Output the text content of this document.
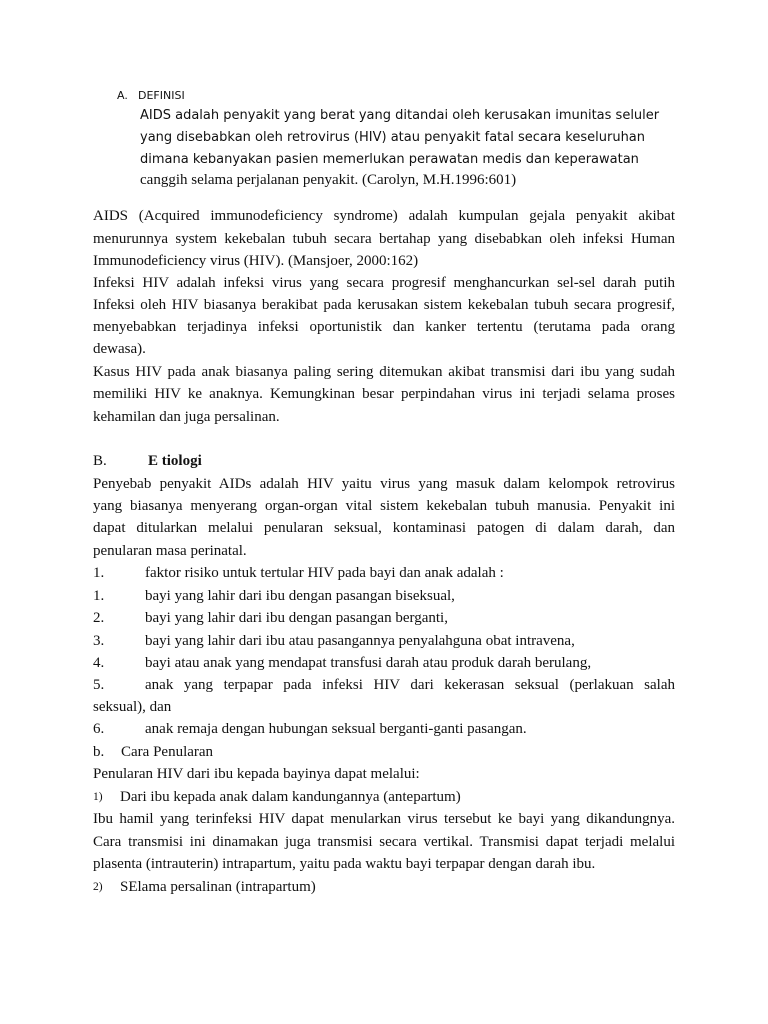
A. DEFINISI
AIDS adalah penyakit yang berat yang ditandai oleh kerusakan imunitas seluler
yang disebabkan oleh retrovirus (HIV) atau penyakit fatal secara keseluruhan
dimana kebanyakan pasien memerlukan perawatan medis dan keperawatan
canggih selama perjalanan penyakit. (Carolyn, M.H.1996:601)
AIDS (Acquired immunodeficiency syndrome) adalah kumpulan gejala penyakit akibat
menurunnya system kekebalan tubuh secara bertahap yang disebabkan oleh infeksi Human
Immunodeficiency virus (HIV). (Mansjoer, 2000:162)
Infeksi HIV adalah infeksi virus yang secara progresif menghancurkan sel-sel darah putih
Infeksi oleh HIV biasanya berakibat pada kerusakan sistem kekebalan tubuh secara progresif,
menyebabkan terjadinya infeksi oportunistik dan kanker tertentu (terutama pada orang
dewasa).
Kasus HIV pada anak biasanya paling sering ditemukan akibat transmisi dari ibu yang sudah
memiliki HIV ke anaknya. Kemungkinan besar perpindahan virus ini terjadi selama proses
kehamilan dan juga persalinan.
B.	E tiologi
Penyebab penyakit AIDs adalah HIV yaitu virus yang masuk dalam kelompok retrovirus
yang biasanya menyerang organ-organ vital sistem kekebalan tubuh manusia. Penyakit ini
dapat ditularkan melalui penularan seksual, kontaminasi patogen di dalam darah, dan
penularan masa perinatal.
1.	faktor risiko untuk tertular HIV pada bayi dan anak adalah :
1.	bayi yang lahir dari ibu dengan pasangan biseksual,
2.	bayi yang lahir dari ibu dengan pasangan berganti,
3.	bayi yang lahir dari ibu atau pasangannya penyalahguna obat intravena,
4.	bayi atau anak yang mendapat transfusi darah atau produk darah berulang,
5.	anak yang terpapar pada infeksi HIV dari kekerasan seksual (perlakuan salah
seksual), dan
6.	anak remaja dengan hubungan seksual berganti-ganti pasangan.
b. Cara Penularan
Penularan HIV dari ibu kepada bayinya dapat melalui:
1) Dari ibu kepada anak dalam kandungannya (antepartum)
Ibu hamil yang terinfeksi HIV dapat menularkan virus tersebut ke bayi yang dikandungnya.
Cara transmisi ini dinamakan juga transmisi secara vertikal. Transmisi dapat terjadi melalui
plasenta (intrauterin) intrapartum, yaitu pada waktu bayi terpapar dengan darah ibu.
2) SElama persalinan (intrapartum)
